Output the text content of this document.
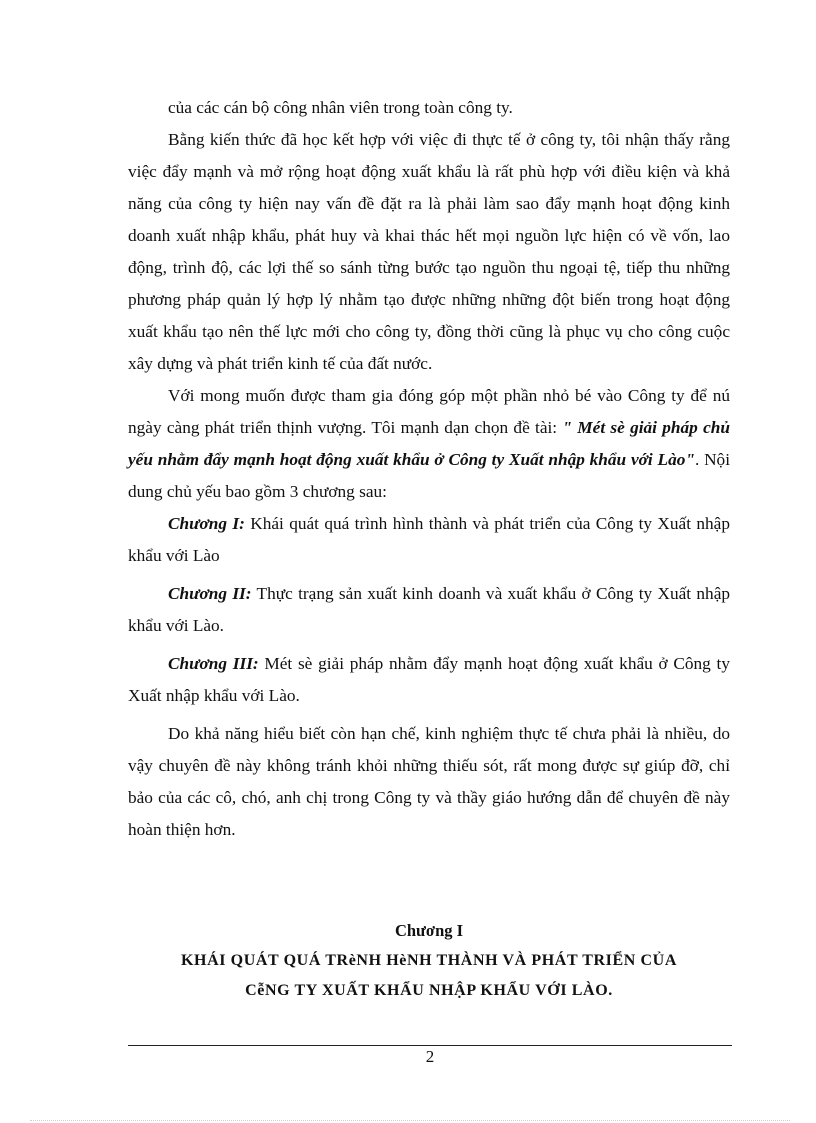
của các cán bộ công nhân viên trong toàn công ty.

Bằng kiến thức đã học kết hợp với việc đi thực tế ở công ty, tôi nhận thấy rằng việc đẩy mạnh và mở rộng hoạt động xuất khẩu là rất phù hợp với điều kiện và khả năng của công ty hiện nay vấn đề đặt ra là phải làm sao đẩy mạnh hoạt động kinh doanh xuất nhập khẩu, phát huy và khai thác hết mọi nguồn lực hiện có về vốn, lao động, trình độ, các lợi thế so sánh từng bước tạo nguồn thu ngoại tệ, tiếp thu những phương pháp quản lý hợp lý nhằm tạo được những những đột biến trong hoạt động xuất khẩu tạo nên thế lực mới cho công ty, đồng thời cũng là phục vụ cho công cuộc xây dựng và phát triển kinh tế của đất nước.

Với mong muốn được tham gia đóng góp một phần nhỏ bé vào Công ty để nú ngày càng phát triển thịnh vượng. Tôi mạnh dạn chọn đề tài: " Mét sè giải pháp chủ yếu nhằm đẩy mạnh hoạt động xuất khẩu ở Công ty Xuất nhập khẩu với Lào". Nội dung chủ yếu bao gồm 3 chương sau:

Chương I: Khái quát quá trình hình thành và phát triển của Công ty Xuất nhập khẩu với Lào

Chương II: Thực trạng sản xuất kinh doanh và xuất khẩu ở Công ty Xuất nhập khẩu với Lào.

Chương III: Mét sè giải pháp nhằm đẩy mạnh hoạt động xuất khẩu ở Công ty Xuất nhập khẩu với Lào.

Do khả năng hiểu biết còn hạn chế, kinh nghiệm thực tế chưa phải là nhiều, do vậy chuyên đề này không tránh khỏi những thiếu sót, rất mong được sự giúp đỡ, chỉ bảo của các cô, chó, anh chị trong Công ty và thầy giáo hướng dẫn để chuyên đề này hoàn thiện hơn.

Chương I
KHÁI QUÁT QUÁ TRèNH HèNH THÀNH VÀ PHÁT TRIỂN CỦA
CễNG TY XUẤT KHẨU NHẬP KHẨU VỚI LÀO.
2
